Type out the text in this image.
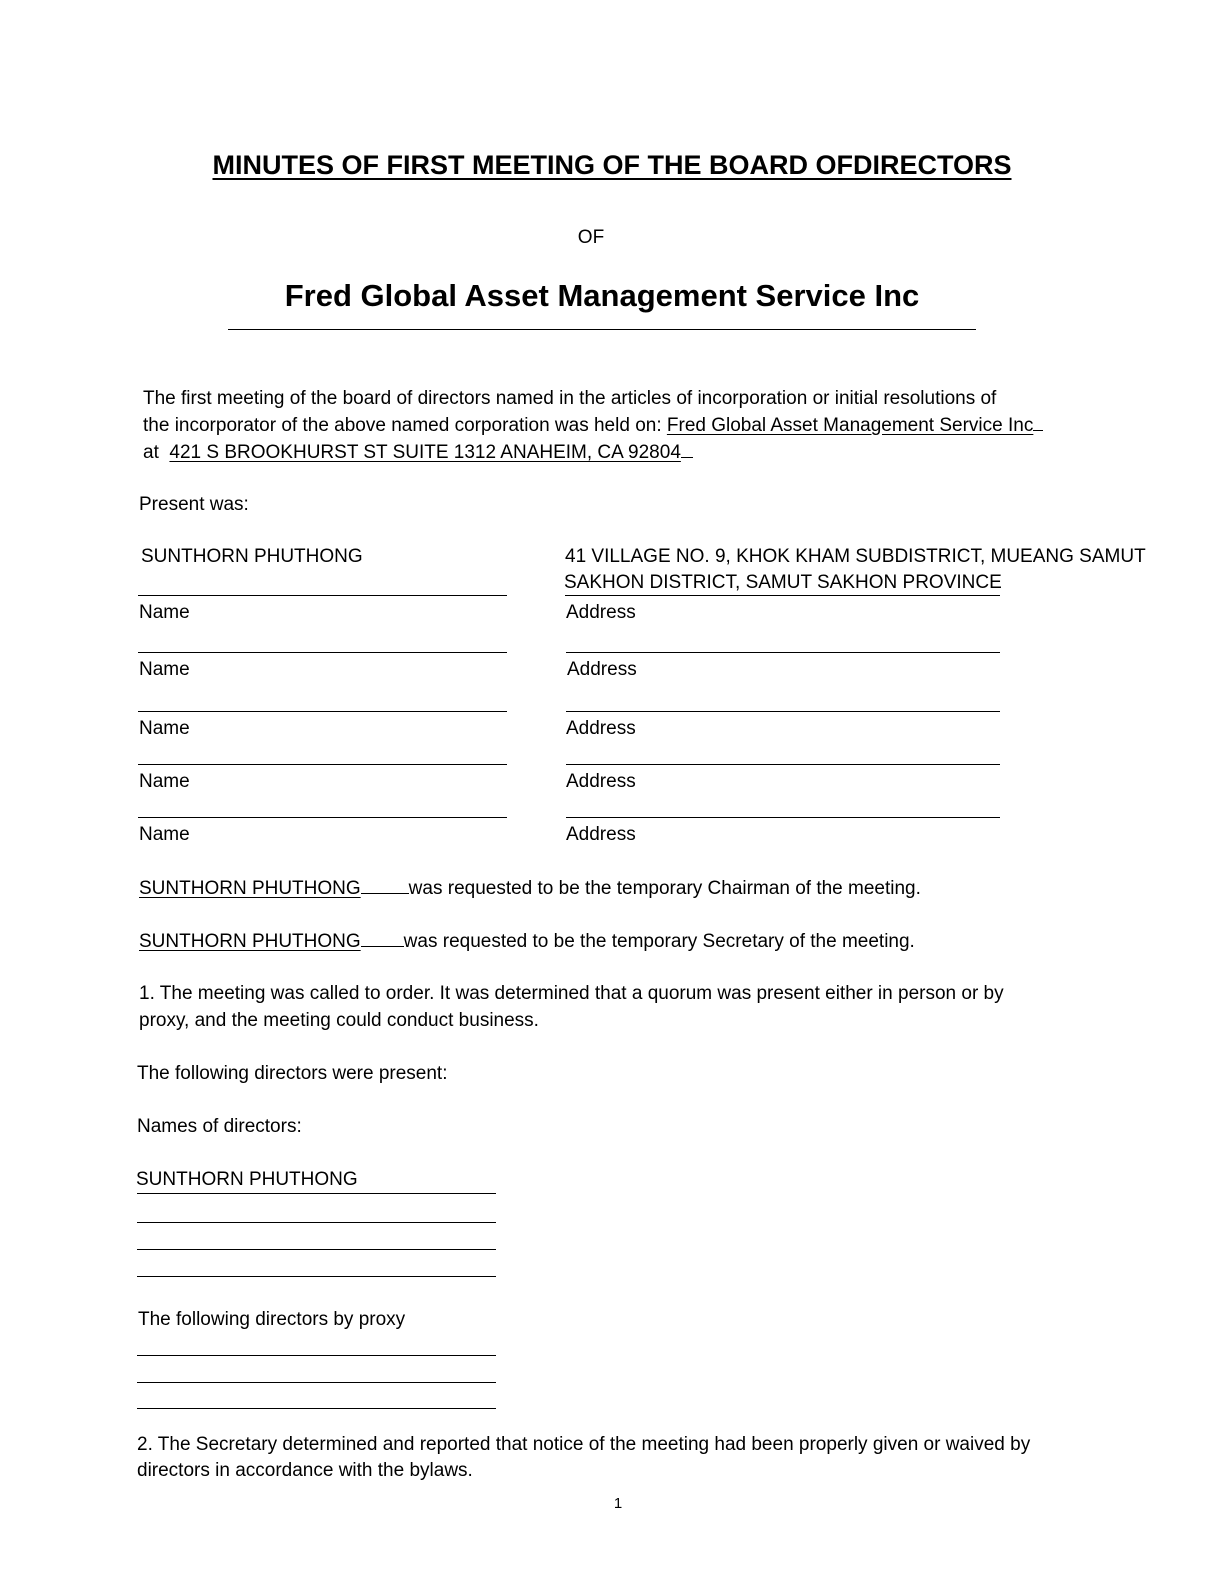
MINUTES OF FIRST MEETING OF THE BOARD OFDIRECTORS
OF
Fred Global Asset Management Service Inc
The first meeting of the board of directors named in the articles of incorporation or initial resolutions of
the incorporator of the above named corporation was held on: Fred Global Asset Management Service Inc
at 421 S BROOKHURST ST SUITE 1312 ANAHEIM, CA 92804
Present was:
SUNTHORN PHUTHONG	41 VILLAGE NO. 9, KHOK KHAM SUBDISTRICT, MUEANG SAMUT
SAKHON DISTRICT, SAMUT SAKHON PROVINCE
Name	Address
Name	Address
Name	Address
Name	Address
Name	Address
SUNTHORN PHUTHONG	was requested to be the temporary Chairman of the meeting.
SUNTHORN PHUTHONG was requested to be the temporary Secretary of the meeting.
1. The meeting was called to order. It was determined that a quorum was present either in person or by
proxy, and the meeting could conduct business.
The following directors were present:
Names of directors:
SUNTHORN PHUTHONG
The following directors by proxy
2. The Secretary determined and reported that notice of the meeting had been properly given or waived by
directors in accordance with the bylaws.
1
